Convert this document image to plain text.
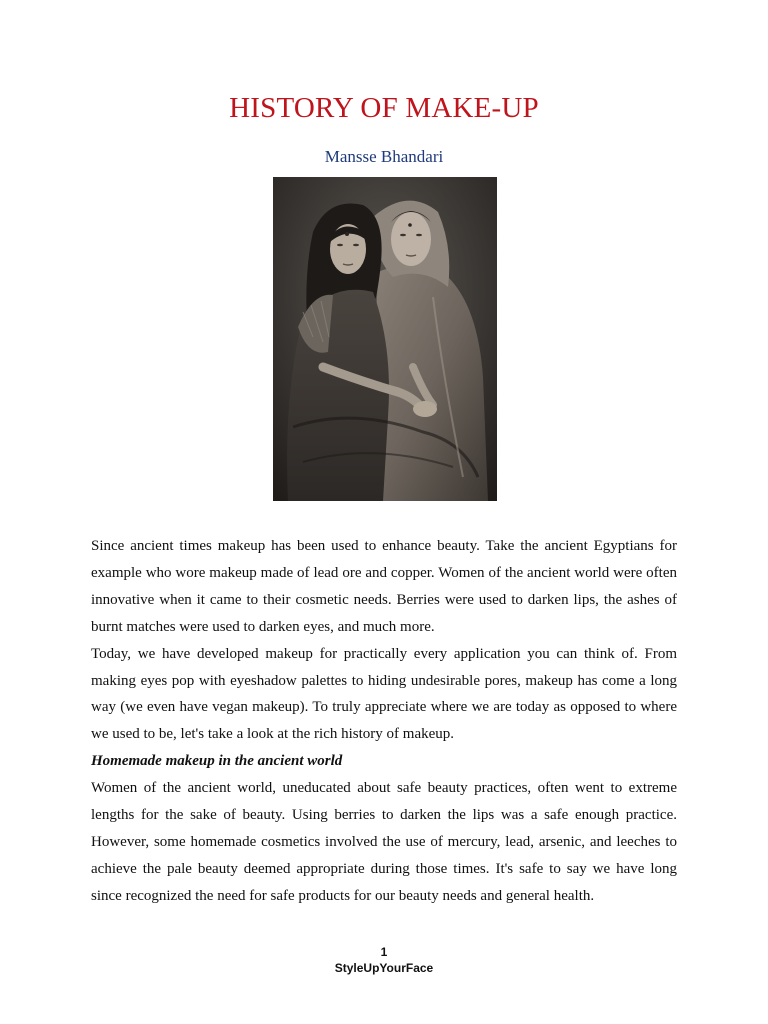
HISTORY OF MAKE-UP
Mansse Bhandari

Since ancient times makeup has been used to enhance beauty. Take the ancient Egyptians for example who wore makeup made of lead ore and copper. Women of the ancient world were often innovative when it came to their cosmetic needs. Berries were used to darken lips, the ashes of burnt matches were used to darken eyes, and much more.

Today, we have developed makeup for practically every application you can think of. From making eyes pop with eyeshadow palettes to hiding undesirable pores, makeup has come a long way (we even have vegan makeup). To truly appreciate where we are today as opposed to where we used to be, let's take a look at the rich history of makeup.

Homemade makeup in the ancient world

Women of the ancient world, uneducated about safe beauty practices, often went to extreme lengths for the sake of beauty. Using berries to darken the lips was a safe enough practice. However, some homemade cosmetics involved the use of mercury, lead, arsenic, and leeches to achieve the pale beauty deemed appropriate during those times. It's safe to say we have long since recognized the need for safe products for our beauty needs and general health.

1
StyleUpYourFace
